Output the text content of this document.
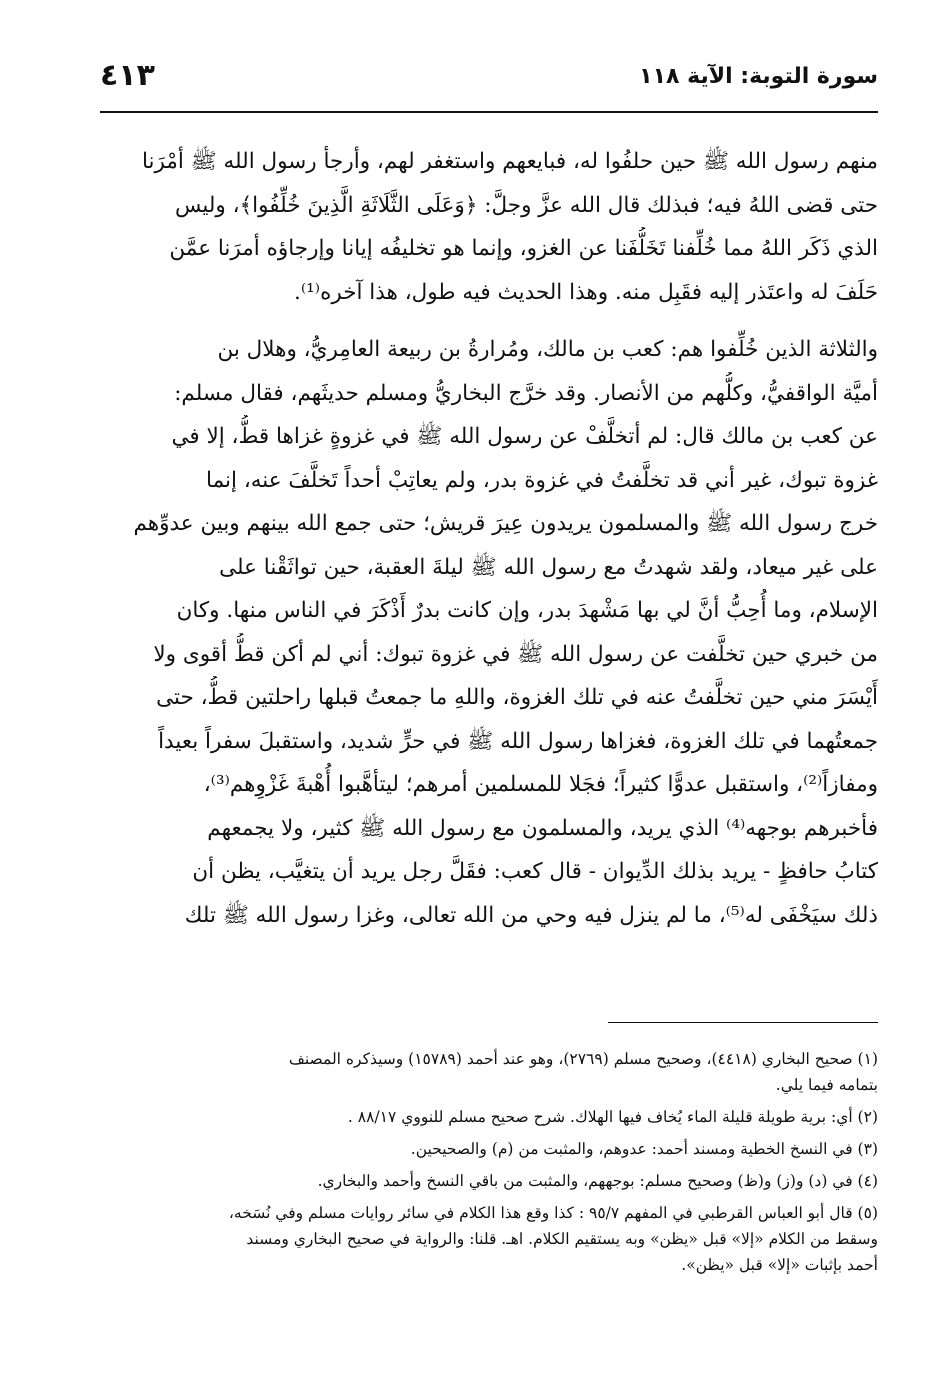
سورة التوبة: الآية ١١٨
٤١٣
منهم رسول الله ﷺ حين حلفُوا له، فبايعهم واستغفر لهم، وأرجأ رسول الله ﷺ أمْرَنا
حتى قضى اللهُ فيه؛ فبذلك قال الله عزَّ وجلَّ: ﴿وَعَلَى الثَّلَاثَةِ الَّذِينَ خُلِّفُوا﴾، وليس
الذي ذَكَر اللهُ مما خُلِّفنا تَخَلُّفَنا عن الغزو، وإنما هو تخليفُه إيانا وإرجاؤه أمرَنا عمَّن
حَلَفَ له واعتَذر إليه فقَبِل منه. وهذا الحديث فيه طول، هذا آخره⁽¹⁾.
والثلاثة الذين خُلِّفوا هم: كعب بن مالك، ومُرارةُ بن ربيعة العامِريُّ، وهلال بن
أميَّة الواقفيُّ، وكلُّهم من الأنصار. وقد خرَّج البخاريُّ ومسلم حديثَهم، فقال مسلم:
عن كعب بن مالك قال: لم أتخلَّفْ عن رسول الله ﷺ في غزوةٍ غزاها قطُّ، إلا في
غزوة تبوك، غير أني قد تخلَّفتُ في غزوة بدر، ولم يعاتِبْ أحداً تَخلَّفَ عنه، إنما
خرج رسول الله ﷺ والمسلمون يريدون عِيرَ قريش؛ حتى جمع الله بينهم وبين عدوِّهم
على غير ميعاد، ولقد شهدتُ مع رسول الله ﷺ ليلةَ العقبة، حين تواثَقْنا على
الإسلام، وما أُحِبُّ أنَّ لي بها مَشْهدَ بدر، وإن كانت بدرٌ أَذْكَرَ في الناس منها. وكان
من خبري حين تخلَّفت عن رسول الله ﷺ في غزوة تبوك: أني لم أكن قطُّ أقوى ولا
أَيْسَرَ مني حين تخلَّفتُ عنه في تلك الغزوة، واللهِ ما جمعتُ قبلها راحلتين قطُّ، حتى
جمعتُهما في تلك الغزوة، فغزاها رسول الله ﷺ في حرٍّ شديد، واستقبلَ سفراً بعيداً
ومفازاً⁽²⁾، واستقبل عدوًّا كثيراً؛ فجَلا للمسلمين أمرهم؛ ليتأهَّبوا أُهْبةَ غَزْوِهم⁽³⁾،
فأخبرهم بوجهه⁽⁴⁾ الذي يريد، والمسلمون مع رسول الله ﷺ كثير، ولا يجمعهم
كتابُ حافظٍ - يريد بذلك الدِّيوان - قال كعب: فقَلَّ رجل يريد أن يتغيَّب، يظن أن
ذلك سيَخْفَى له⁽⁵⁾، ما لم ينزل فيه وحي من الله تعالى، وغزا رسول الله ﷺ تلك
(١) صحيح البخاري (٤٤١٨)، وصحيح مسلم (٢٧٦٩)، وهو عند أحمد (١٥٧٨٩) وسيذكره المصنف
بتمامه فيما يلي.
(٢) أي: برية طويلة قليلة الماء يُخاف فيها الهلاك. شرح صحيح مسلم للنووي ٨٨/١٧ .
(٣) في النسخ الخطية ومسند أحمد: عدوهم، والمثبت من (م) والصحيحين.
(٤) في (د) و(ز) و(ظ) وصحيح مسلم: بوجههم، والمثبت من باقي النسخ وأحمد والبخاري.
(٥) قال أبو العباس القرطبي في المفهم ٩٥/٧ : كذا وقع هذا الكلام في سائر روايات مسلم وفي نُسَخه،
وسقط من الكلام «إلا» قبل «يظن» وبه يستقيم الكلام. اهـ. قلنا: والرواية في صحيح البخاري ومسند
أحمد بإثبات «إلا» قبل «يظن».
